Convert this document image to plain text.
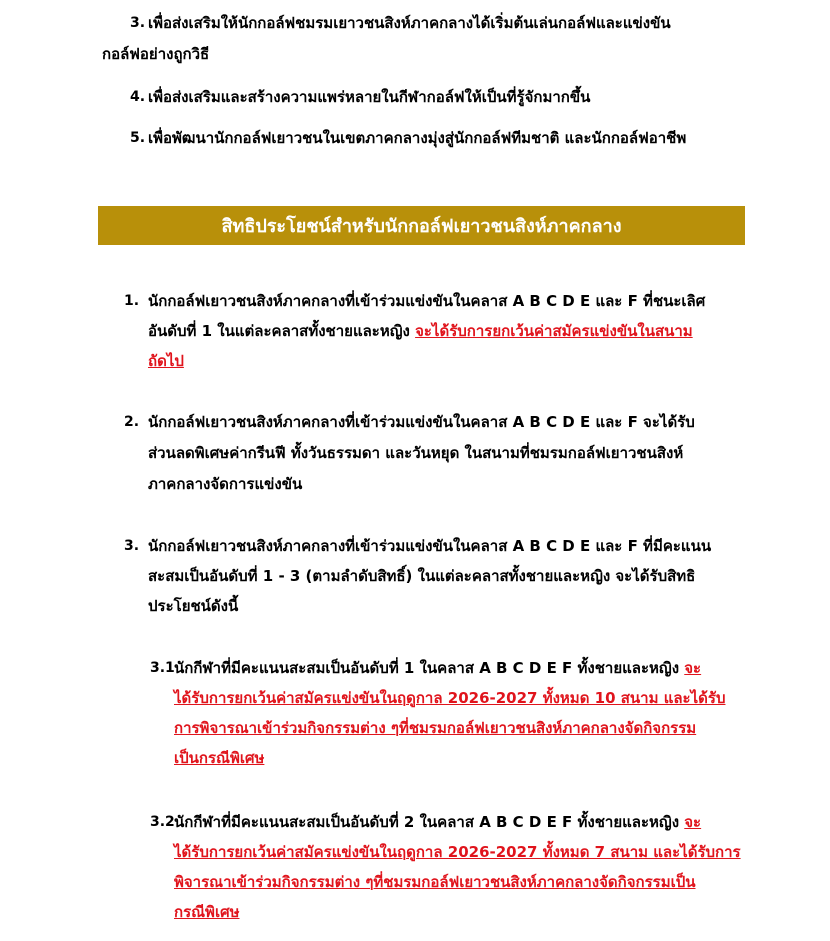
3. เพื่อส่งเสริมให้นักกอล์ฟชมรมเยาวชนสิงห์ภาคกลางได้เริ่มต้นเล่นกอล์ฟและแข่งขัน
กอล์ฟอย่างถูกวิธี
4. เพื่อส่งเสริมและสร้างความแพร่หลายในกีฬากอล์ฟให้เป็นที่รู้จักมากขึ้น
5. เพื่อพัฒนานักกอล์ฟเยาวชนในเขตภาคกลางมุ่งสู่นักกอล์ฟทีมชาติ และนักกอล์ฟอาชีพ
สิทธิประโยชน์สำหรับนักกอล์ฟเยาวชนสิงห์ภาคกลาง
1. นักกอล์ฟเยาวชนสิงห์ภาคกลางที่เข้าร่วมแข่งขันในคลาส A B C D E และ F ที่ชนะเลิศ
อันดับที่ 1 ในแต่ละคลาสทั้งชายและหญิง จะได้รับการยกเว้นค่าสมัครแข่งขันในสนาม
ถัดไป
2. นักกอล์ฟเยาวชนสิงห์ภาคกลางที่เข้าร่วมแข่งขันในคลาส A B C D E และ F จะได้รับ
ส่วนลดพิเศษค่ากรีนฟี ทั้งวันธรรมดา และวันหยุด ในสนามที่ชมรมกอล์ฟเยาวชนสิงห์
ภาคกลางจัดการแข่งขัน
3. นักกอล์ฟเยาวชนสิงห์ภาคกลางที่เข้าร่วมแข่งขันในคลาส A B C D E และ F ที่มีคะแนน
สะสมเป็นอันดับที่ 1 - 3 (ตามลำดับสิทธิ์) ในแต่ละคลาสทั้งชายและหญิง จะได้รับสิทธิ
ประโยชน์ดังนี้
3.1 นักกีฬาที่มีคะแนนสะสมเป็นอันดับที่ 1 ในคลาส A B C D E F ทั้งชายและหญิง จะ
ได้รับการยกเว้นค่าสมัครแข่งขันในฤดูกาล 2026-2027 ทั้งหมด 10 สนาม และได้รับ
การพิจารณาเข้าร่วมกิจกรรมต่าง ๆที่ชมรมกอล์ฟเยาวชนสิงห์ภาคกลางจัดกิจกรรม
เป็นกรณีพิเศษ
3.2 นักกีฬาที่มีคะแนนสะสมเป็นอันดับที่ 2 ในคลาส A B C D E F ทั้งชายและหญิง จะ
ได้รับการยกเว้นค่าสมัครแข่งขันในฤดูกาล 2026-2027 ทั้งหมด 7 สนาม และได้รับการ
พิจารณาเข้าร่วมกิจกรรมต่าง ๆที่ชมรมกอล์ฟเยาวชนสิงห์ภาคกลางจัดกิจกรรมเป็น
กรณีพิเศษ
